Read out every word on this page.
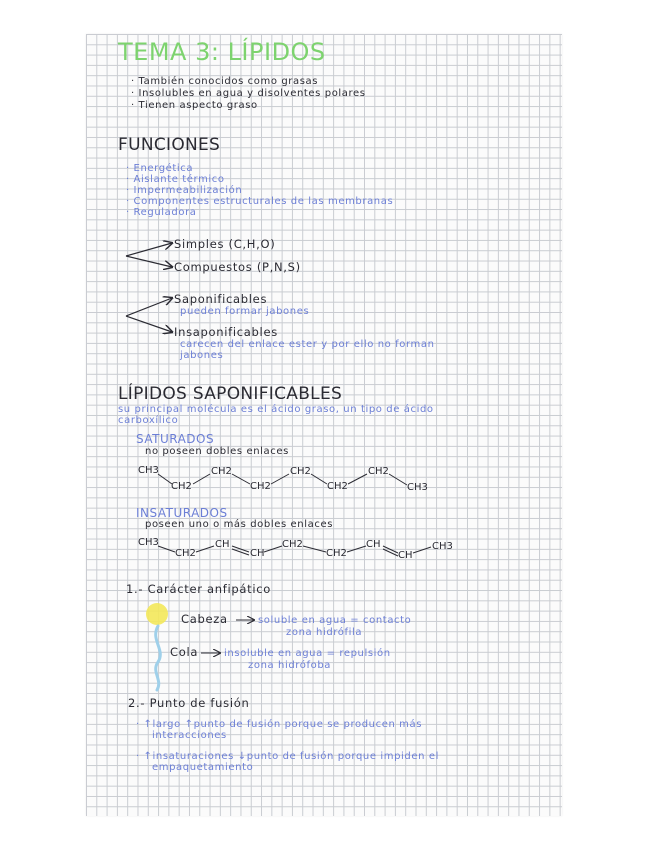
TEMA 3: LÍPIDOS
· También conocidos como grasas
· Insolubles en agua y disolventes polares
· Tienen aspecto graso
FUNCIONES
· Energética
· Aislante térmico
· Impermeabilización
· Componentes estructurales de las membranas
· Reguladora
Simples (C,H,O)
Compuestos (P,N,S)
Saponificables
pueden formar jabones
Insaponificables
carecen del enlace ester y por ello no forman
jabones
LÍPIDOS SAPONIFICABLES
su principal molécula es el ácido graso, un tipo de ácido
carboxílico
SATURADOS
no poseen dobles enlaces
CH3	CH2	CH2	CH2
CH2	CH2	CH2	CH3
INSATURADOS
poseen uno o más dobles enlaces
CH3
CH2
CH
CH
CH2
CH2
CH
CH
CH3
1.- Carácter anfipático
Cabeza	soluble en agua = contacto
zona hidrófila
Cola	insoluble en agua = repulsión
zona hidrófoba
2.- Punto de fusión
· ↑largo ↑punto de fusión porque se producen más
interacciones
· ↑insaturaciones ↓punto de fusión porque impiden el
empaquetamiento
